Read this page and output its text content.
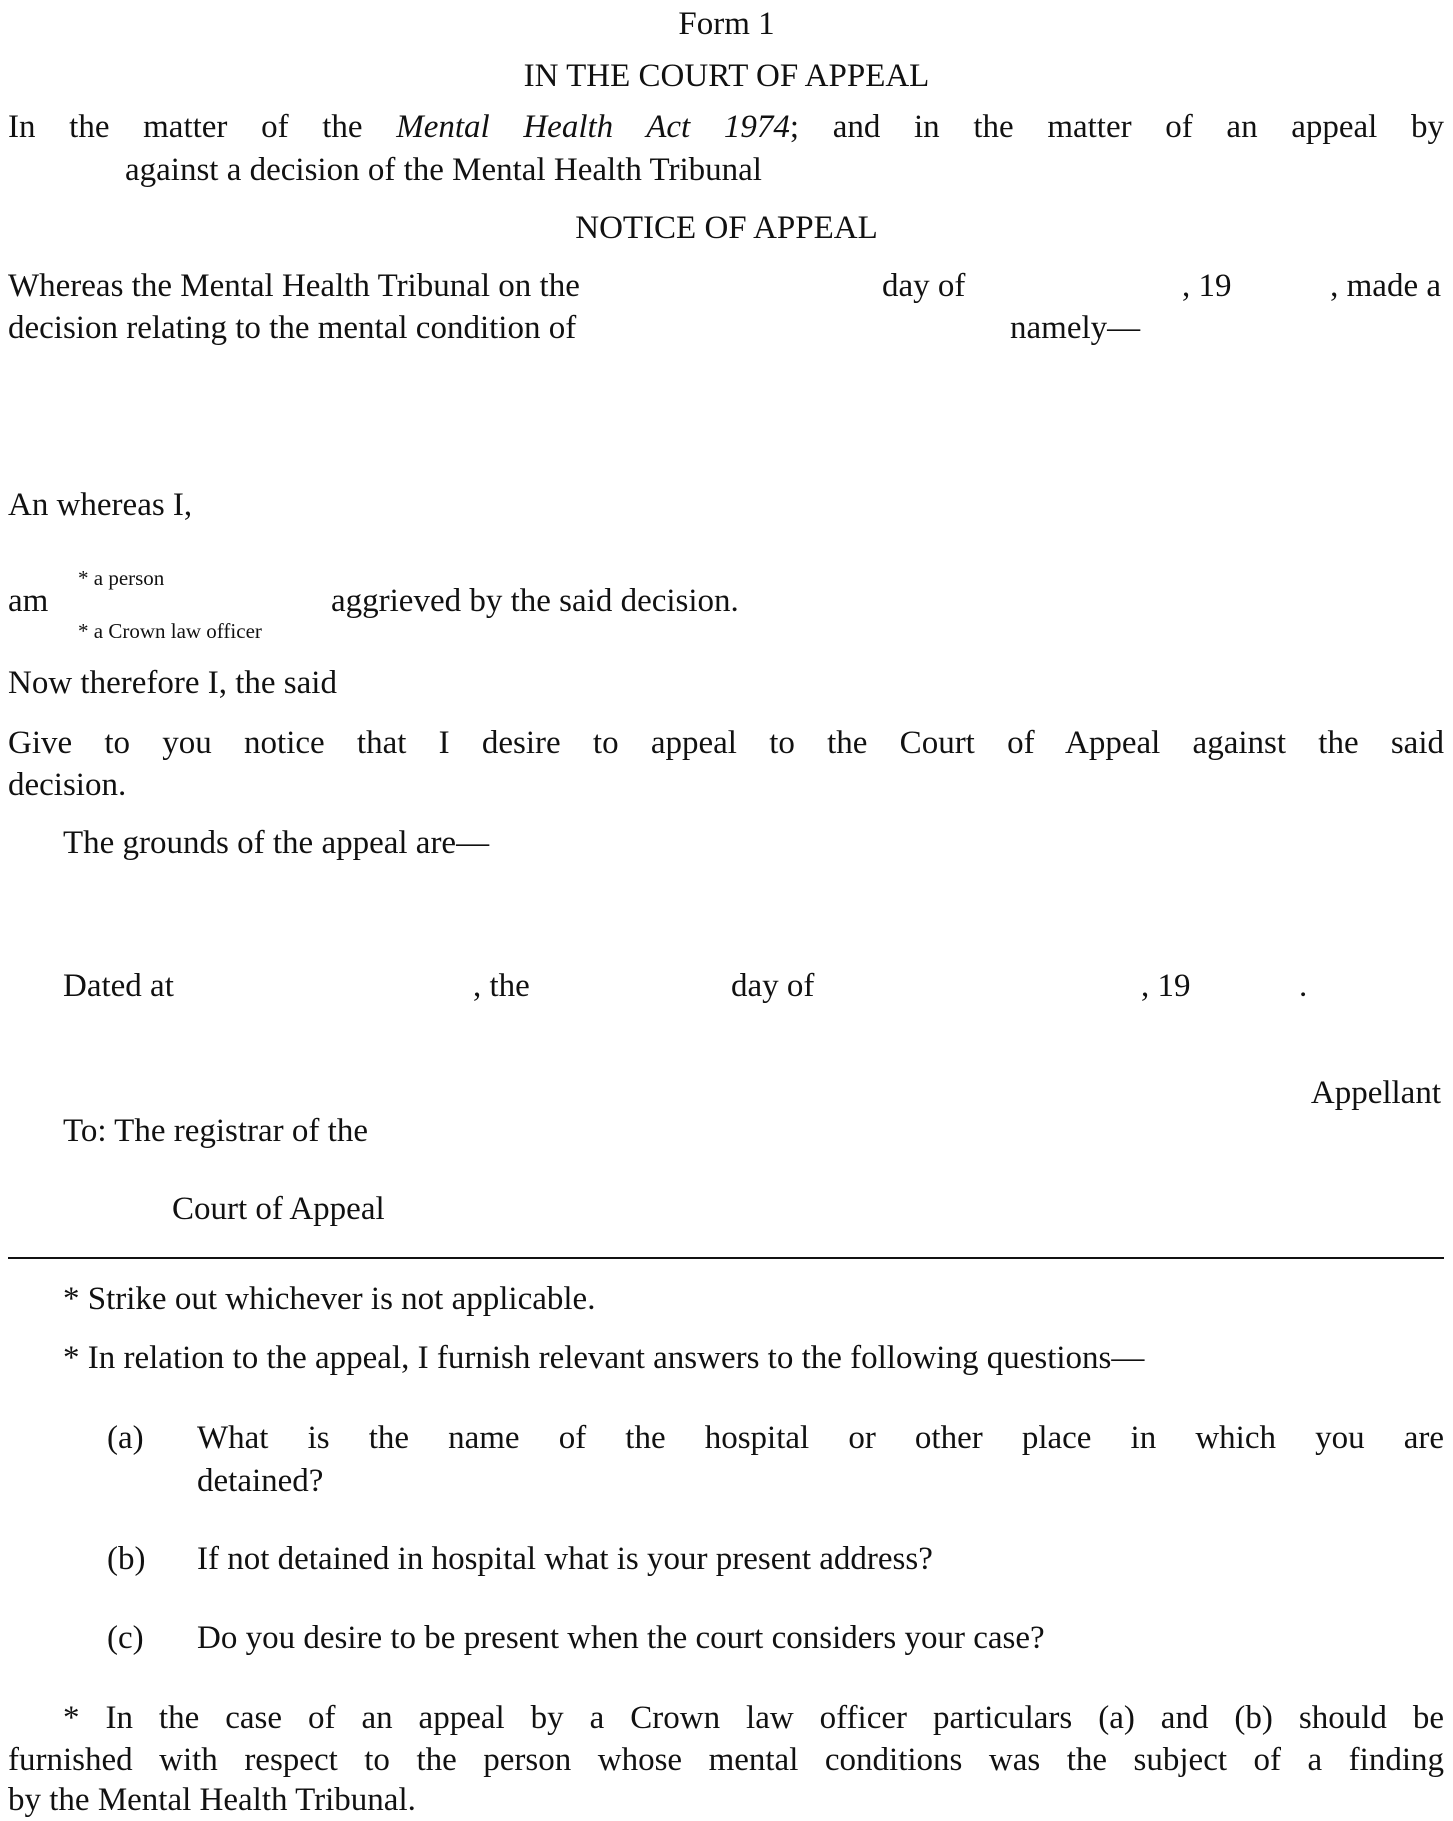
Form 1
IN THE COURT OF APPEAL
In the matter of the Mental Health Act 1974; and in the matter of an appeal by
against a decision of the Mental Health Tribunal
NOTICE OF APPEAL
Whereas the Mental Health Tribunal on the	day of	, 19	, made a
decision relating to the mental condition of	namely—
An whereas I,
am
* a person
* a Crown law officer
aggrieved by the said decision.
Now therefore I, the said
Give to you notice that I desire to appeal to the Court of Appeal against the said
decision.
The grounds of the appeal are—
Dated at	, the	day of	, 19	.
Appellant
To: The registrar of the
Court of Appeal
* Strike out whichever is not applicable.
* In relation to the appeal, I furnish relevant answers to the following questions—
(a) What is the name of the hospital or other place in which you are
detained?
(b) If not detained in hospital what is your present address?
(c) Do you desire to be present when the court considers your case?
* In the case of an appeal by a Crown law officer particulars (a) and (b) should be
furnished with respect to the person whose mental conditions was the subject of a finding
by the Mental Health Tribunal.
